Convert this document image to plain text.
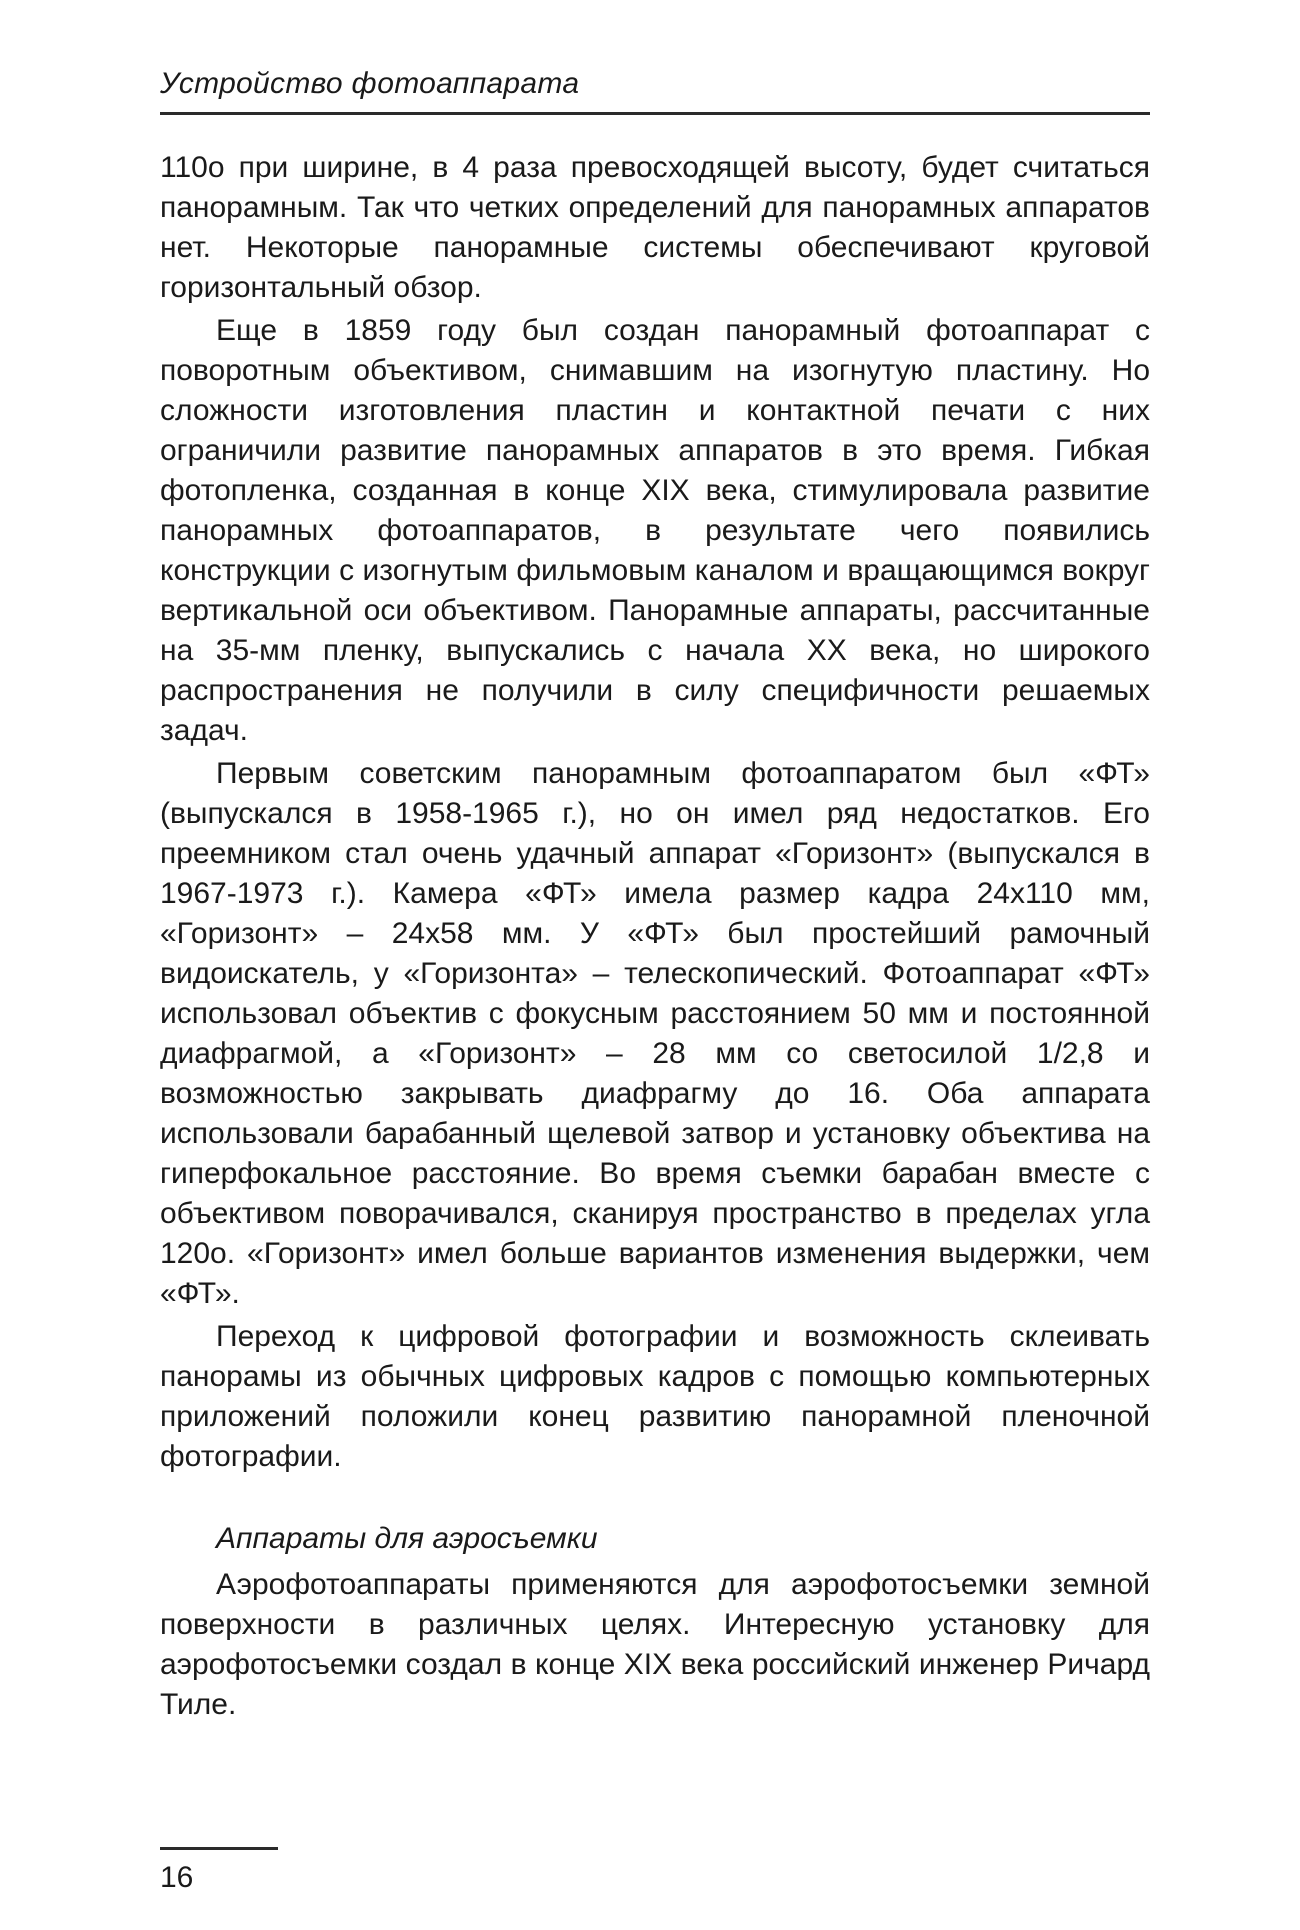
Устройство фотоаппарата

110о при ширине, в 4 раза превосходящей высоту, будет считаться панорамным. Так что четких определений для панорамных аппаратов нет. Некоторые панорамные системы обеспечивают круговой горизонтальный обзор.

Еще в 1859 году был создан панорамный фотоаппарат с поворотным объективом, снимавшим на изогнутую пластину. Но сложности изготовления пластин и контактной печати с них ограничили развитие панорамных аппаратов в это время. Гибкая фотопленка, созданная в конце XIX века, стимулировала развитие панорамных фотоаппаратов, в результате чего появились конструкции с изогнутым фильмовым каналом и вращающимся вокруг вертикальной оси объективом. Панорамные аппараты, рассчитанные на 35-мм пленку, выпускались с начала XX века, но широкого распространения не получили в силу специфичности решаемых задач.

Первым советским панорамным фотоаппаратом был «ФТ» (выпускался в 1958-1965 г.), но он имел ряд недостатков. Его преемником стал очень удачный аппарат «Горизонт» (выпускался в 1967-1973 г.). Камера «ФТ» имела размер кадра 24x110 мм, «Горизонт» – 24x58 мм. У «ФТ» был простейший рамочный видоискатель, у «Горизонта» – телескопический. Фотоаппарат «ФТ» использовал объектив с фокусным расстоянием 50 мм и постоянной диафрагмой, а «Горизонт» – 28 мм со светосилой 1/2,8 и возможностью закрывать диафрагму до 16. Оба аппарата использовали барабанный щелевой затвор и установку объектива на гиперфокальное расстояние. Во время съемки барабан вместе с объективом поворачивался, сканируя пространство в пределах угла 120о. «Горизонт» имел больше вариантов изменения выдержки, чем «ФТ».

Переход к цифровой фотографии и возможность склеивать панорамы из обычных цифровых кадров с помощью компьютерных приложений положили конец развитию панорамной пленочной фотографии.

Аппараты для аэросъемки

Аэрофотоаппараты применяются для аэрофотосъемки земной поверхности в различных целях. Интересную установку для аэрофотосъемки создал в конце XIX века российский инженер Ричард Тиле.

16
